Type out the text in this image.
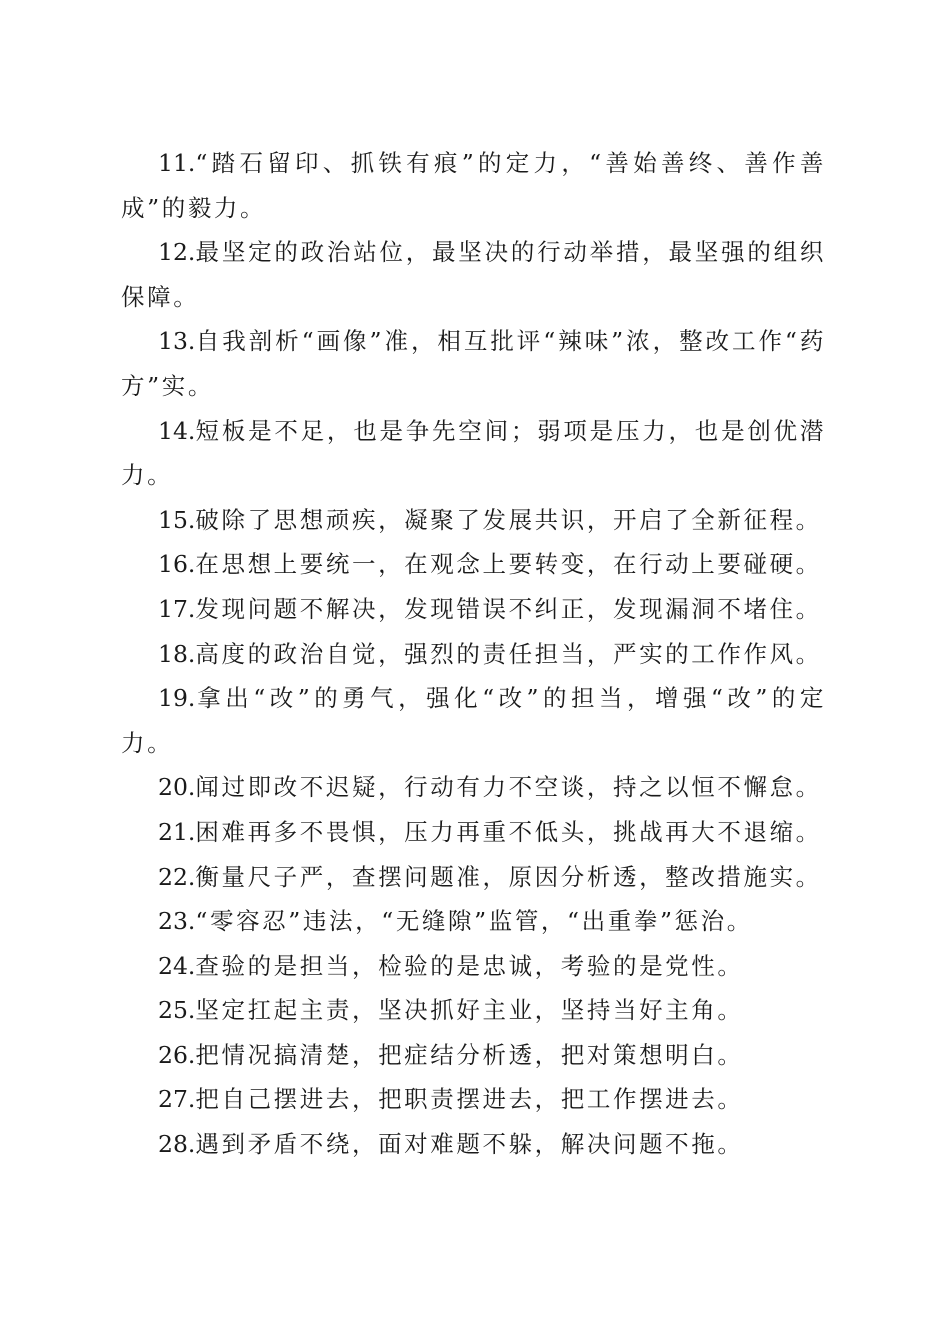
11.“踏石留印、抓铁有痕”的定力，“善始善终、善作善成”的毅力。

12.最坚定的政治站位，最坚决的行动举措，最坚强的组织保障。

13.自我剖析“画像”准，相互批评“辣味”浓，整改工作“药方”实。

14.短板是不足，也是争先空间；弱项是压力，也是创优潜力。

15.破除了思想顽疾，凝聚了发展共识，开启了全新征程。

16.在思想上要统一，在观念上要转变，在行动上要碰硬。

17.发现问题不解决，发现错误不纠正，发现漏洞不堵住。

18.高度的政治自觉，强烈的责任担当，严实的工作作风。

19.拿出“改”的勇气，强化“改”的担当，增强“改”的定力。

20.闻过即改不迟疑，行动有力不空谈，持之以恒不懈怠。

21.困难再多不畏惧，压力再重不低头，挑战再大不退缩。

22.衡量尺子严，查摆问题准，原因分析透，整改措施实。

23.“零容忍”违法，“无缝隙”监管，“出重拳”惩治。

24.查验的是担当，检验的是忠诚，考验的是党性。

25.坚定扛起主责，坚决抓好主业，坚持当好主角。

26.把情况搞清楚，把症结分析透，把对策想明白。

27.把自己摆进去，把职责摆进去，把工作摆进去。

28.遇到矛盾不绕，面对难题不躲，解决问题不拖。
